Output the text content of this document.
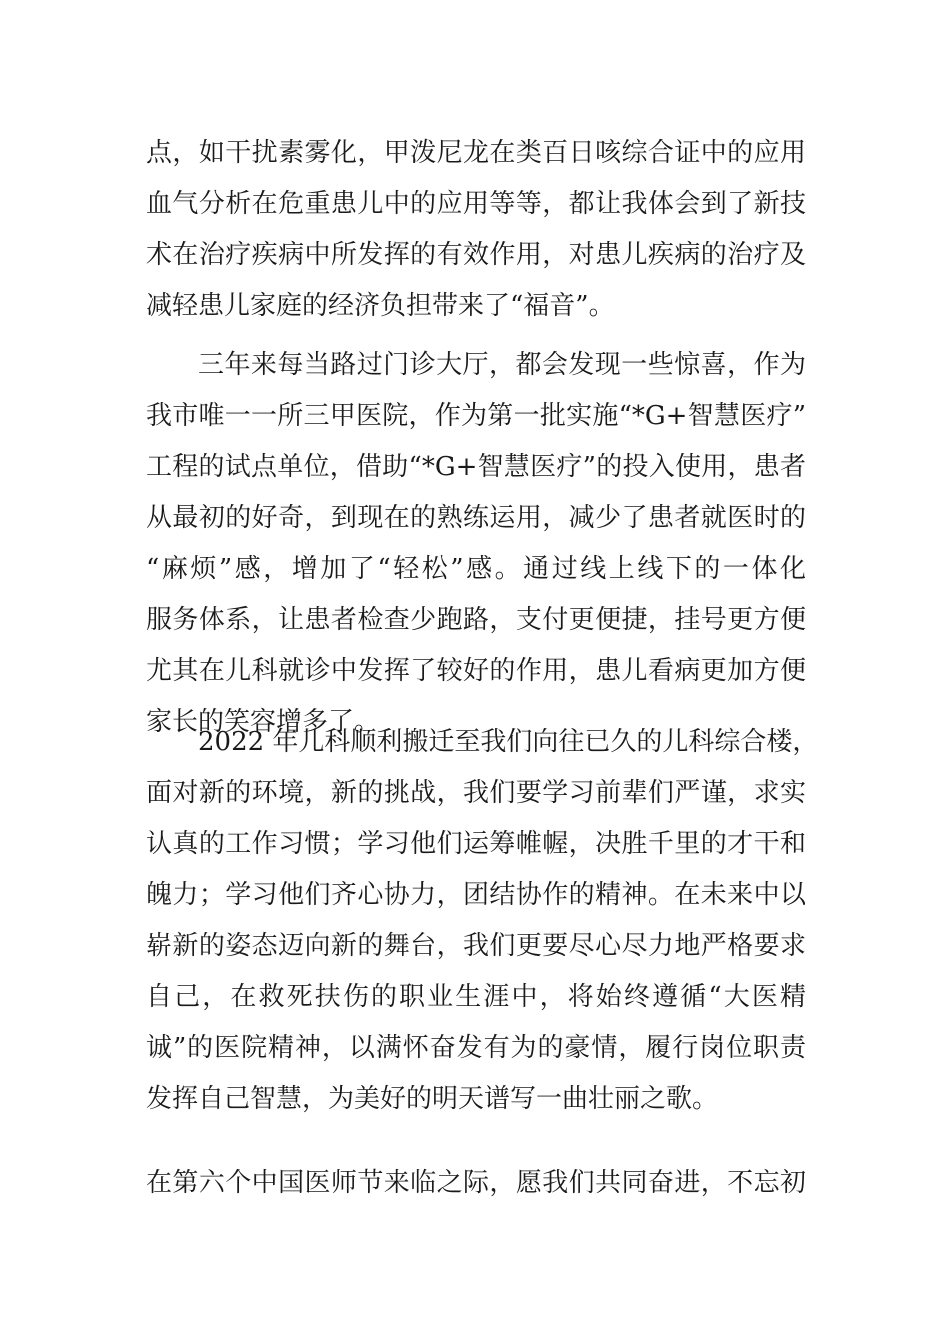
点，如干扰素雾化，甲泼尼龙在类百日咳综合证中的应用
血气分析在危重患儿中的应用等等，都让我体会到了新技
术在治疗疾病中所发挥的有效作用，对患儿疾病的治疗及
减轻患儿家庭的经济负担带来了“福音”。
三年来每当路过门诊大厅，都会发现一些惊喜，作为
我市唯一一所三甲医院，作为第一批实施“*G+智慧医疗”
工程的试点单位，借助“*G+智慧医疗”的投入使用，患者
从最初的好奇，到现在的熟练运用，减少了患者就医时的
“麻烦”感，增加了“轻松”感。通过线上线下的一体化
服务体系，让患者检查少跑路，支付更便捷，挂号更方便
尤其在儿科就诊中发挥了较好的作用，患儿看病更加方便
家长的笑容增多了。
2022 年儿科顺利搬迁至我们向往已久的儿科综合楼，
面对新的环境，新的挑战，我们要学习前辈们严谨，求实
认真的工作习惯；学习他们运筹帷幄，决胜千里的才干和
魄力；学习他们齐心协力，团结协作的精神。在未来中以
崭新的姿态迈向新的舞台，我们更要尽心尽力地严格要求
自己，在救死扶伤的职业生涯中，将始终遵循“大医精
诚”的医院精神，以满怀奋发有为的豪情，履行岗位职责
发挥自己智慧，为美好的明天谱写一曲壮丽之歌。
在第六个中国医师节来临之际，愿我们共同奋进，不忘初
